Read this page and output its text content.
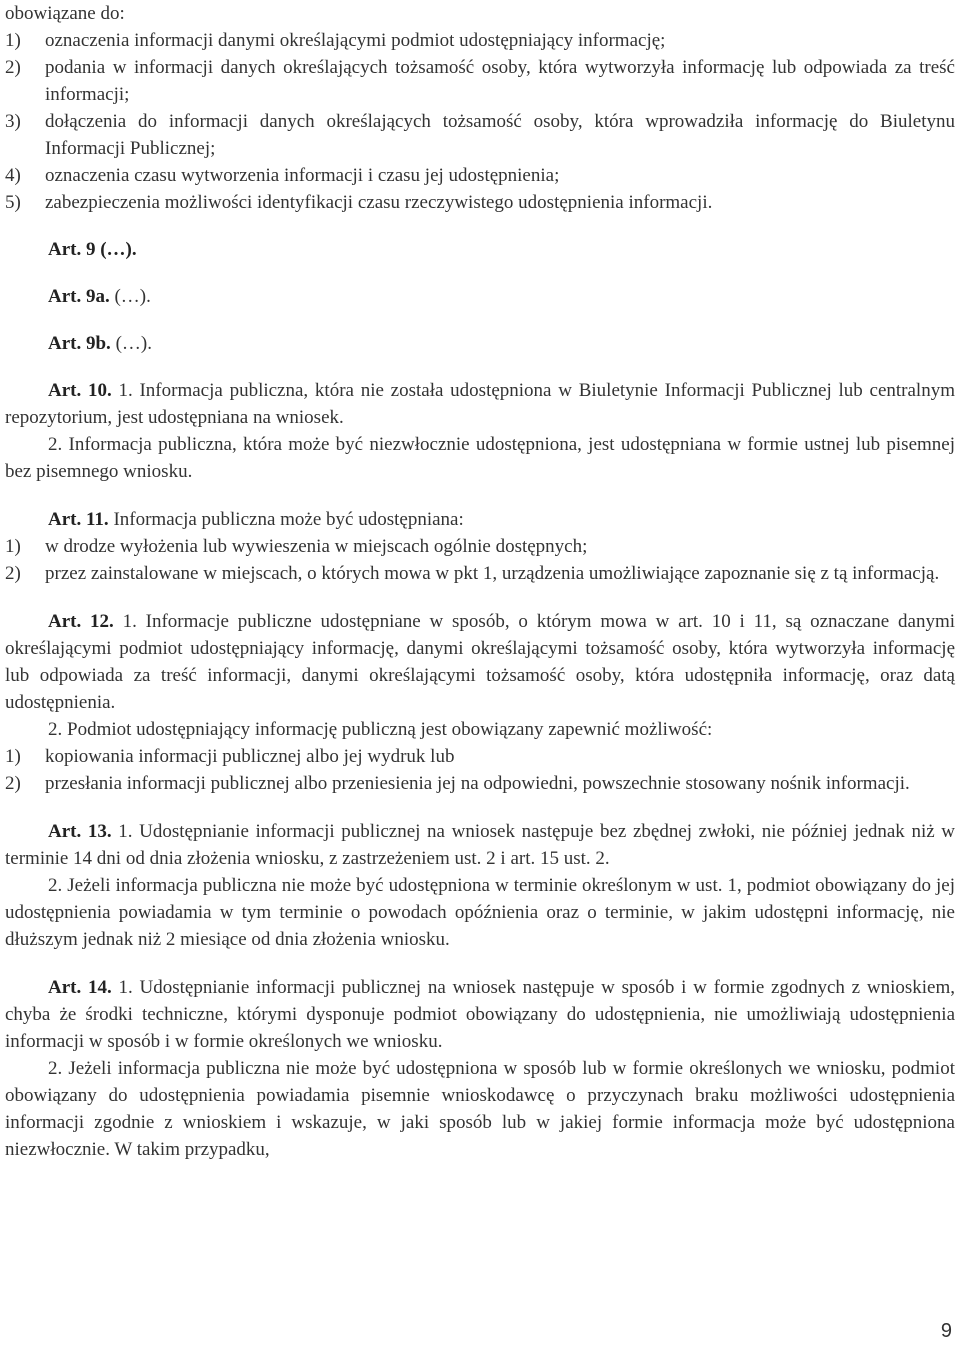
obowiązane do:

1)	oznaczenia informacji danymi określającymi podmiot udostępniający informację;
2)	podania w informacji danych określających tożsamość osoby, która wytworzyła informację lub odpowiada za treść informacji;
3)	dołączenia do informacji danych określających tożsamość osoby, która wprowadziła informację do Biuletynu Informacji Publicznej;
4)	oznaczenia czasu wytworzenia informacji i czasu jej udostępnienia;
5)	zabezpieczenia możliwości identyfikacji czasu rzeczywistego udostępnienia informacji.

Art. 9 (…).

Art. 9a. (…).

Art. 9b. (…).

Art. 10. 1. Informacja publiczna, która nie została udostępniona w Biuletynie Informacji Publicznej lub centralnym repozytorium, jest udostępniana na wniosek.

2. Informacja publiczna, która może być niezwłocznie udostępniona, jest udostępniana w formie ustnej lub pisemnej bez pisemnego wniosku.

Art. 11. Informacja publiczna może być udostępniana:

1)	w drodze wyłożenia lub wywieszenia w miejscach ogólnie dostępnych;
2)	przez zainstalowane w miejscach, o których mowa w pkt 1, urządzenia umożliwiające zapoznanie się z tą informacją.

Art. 12. 1. Informacje publiczne udostępniane w sposób, o którym mowa w art. 10 i 11, są oznaczane danymi określającymi podmiot udostępniający informację, danymi określającymi tożsamość osoby, która wytworzyła informację lub odpowiada za treść informacji, danymi określającymi tożsamość osoby, która udostępniła informację, oraz datą udostępnienia.

2. Podmiot udostępniający informację publiczną jest obowiązany zapewnić możliwość:

1)	kopiowania informacji publicznej albo jej wydruk lub
2)	przesłania informacji publicznej albo przeniesienia jej na odpowiedni, powszechnie stosowany nośnik informacji.

Art. 13. 1. Udostępnianie informacji publicznej na wniosek następuje bez zbędnej zwłoki, nie później jednak niż w terminie 14 dni od dnia złożenia wniosku, z zastrzeżeniem ust. 2 i art. 15 ust. 2.

2. Jeżeli informacja publiczna nie może być udostępniona w terminie określonym w ust. 1, podmiot obowiązany do jej udostępnienia powiadamia w tym terminie o powodach opóźnienia oraz o terminie, w jakim udostępni informację, nie dłuższym jednak niż 2 miesiące od dnia złożenia wniosku.

Art. 14. 1. Udostępnianie informacji publicznej na wniosek następuje w sposób i w formie zgodnych z wnioskiem, chyba że środki techniczne, którymi dysponuje podmiot obowiązany do udostępnienia, nie umożliwiają udostępnienia informacji w sposób i w formie określonych we wniosku.

2. Jeżeli informacja publiczna nie może być udostępniona w sposób lub w formie określonych we wniosku, podmiot obowiązany do udostępnienia powiadamia pisemnie wnioskodawcę o przyczynach braku możliwości udostępnienia informacji zgodnie z wnioskiem i wskazuje, w jaki sposób lub w jakiej formie informacja może być udostępniona niezwłocznie. W takim przypadku,

9
